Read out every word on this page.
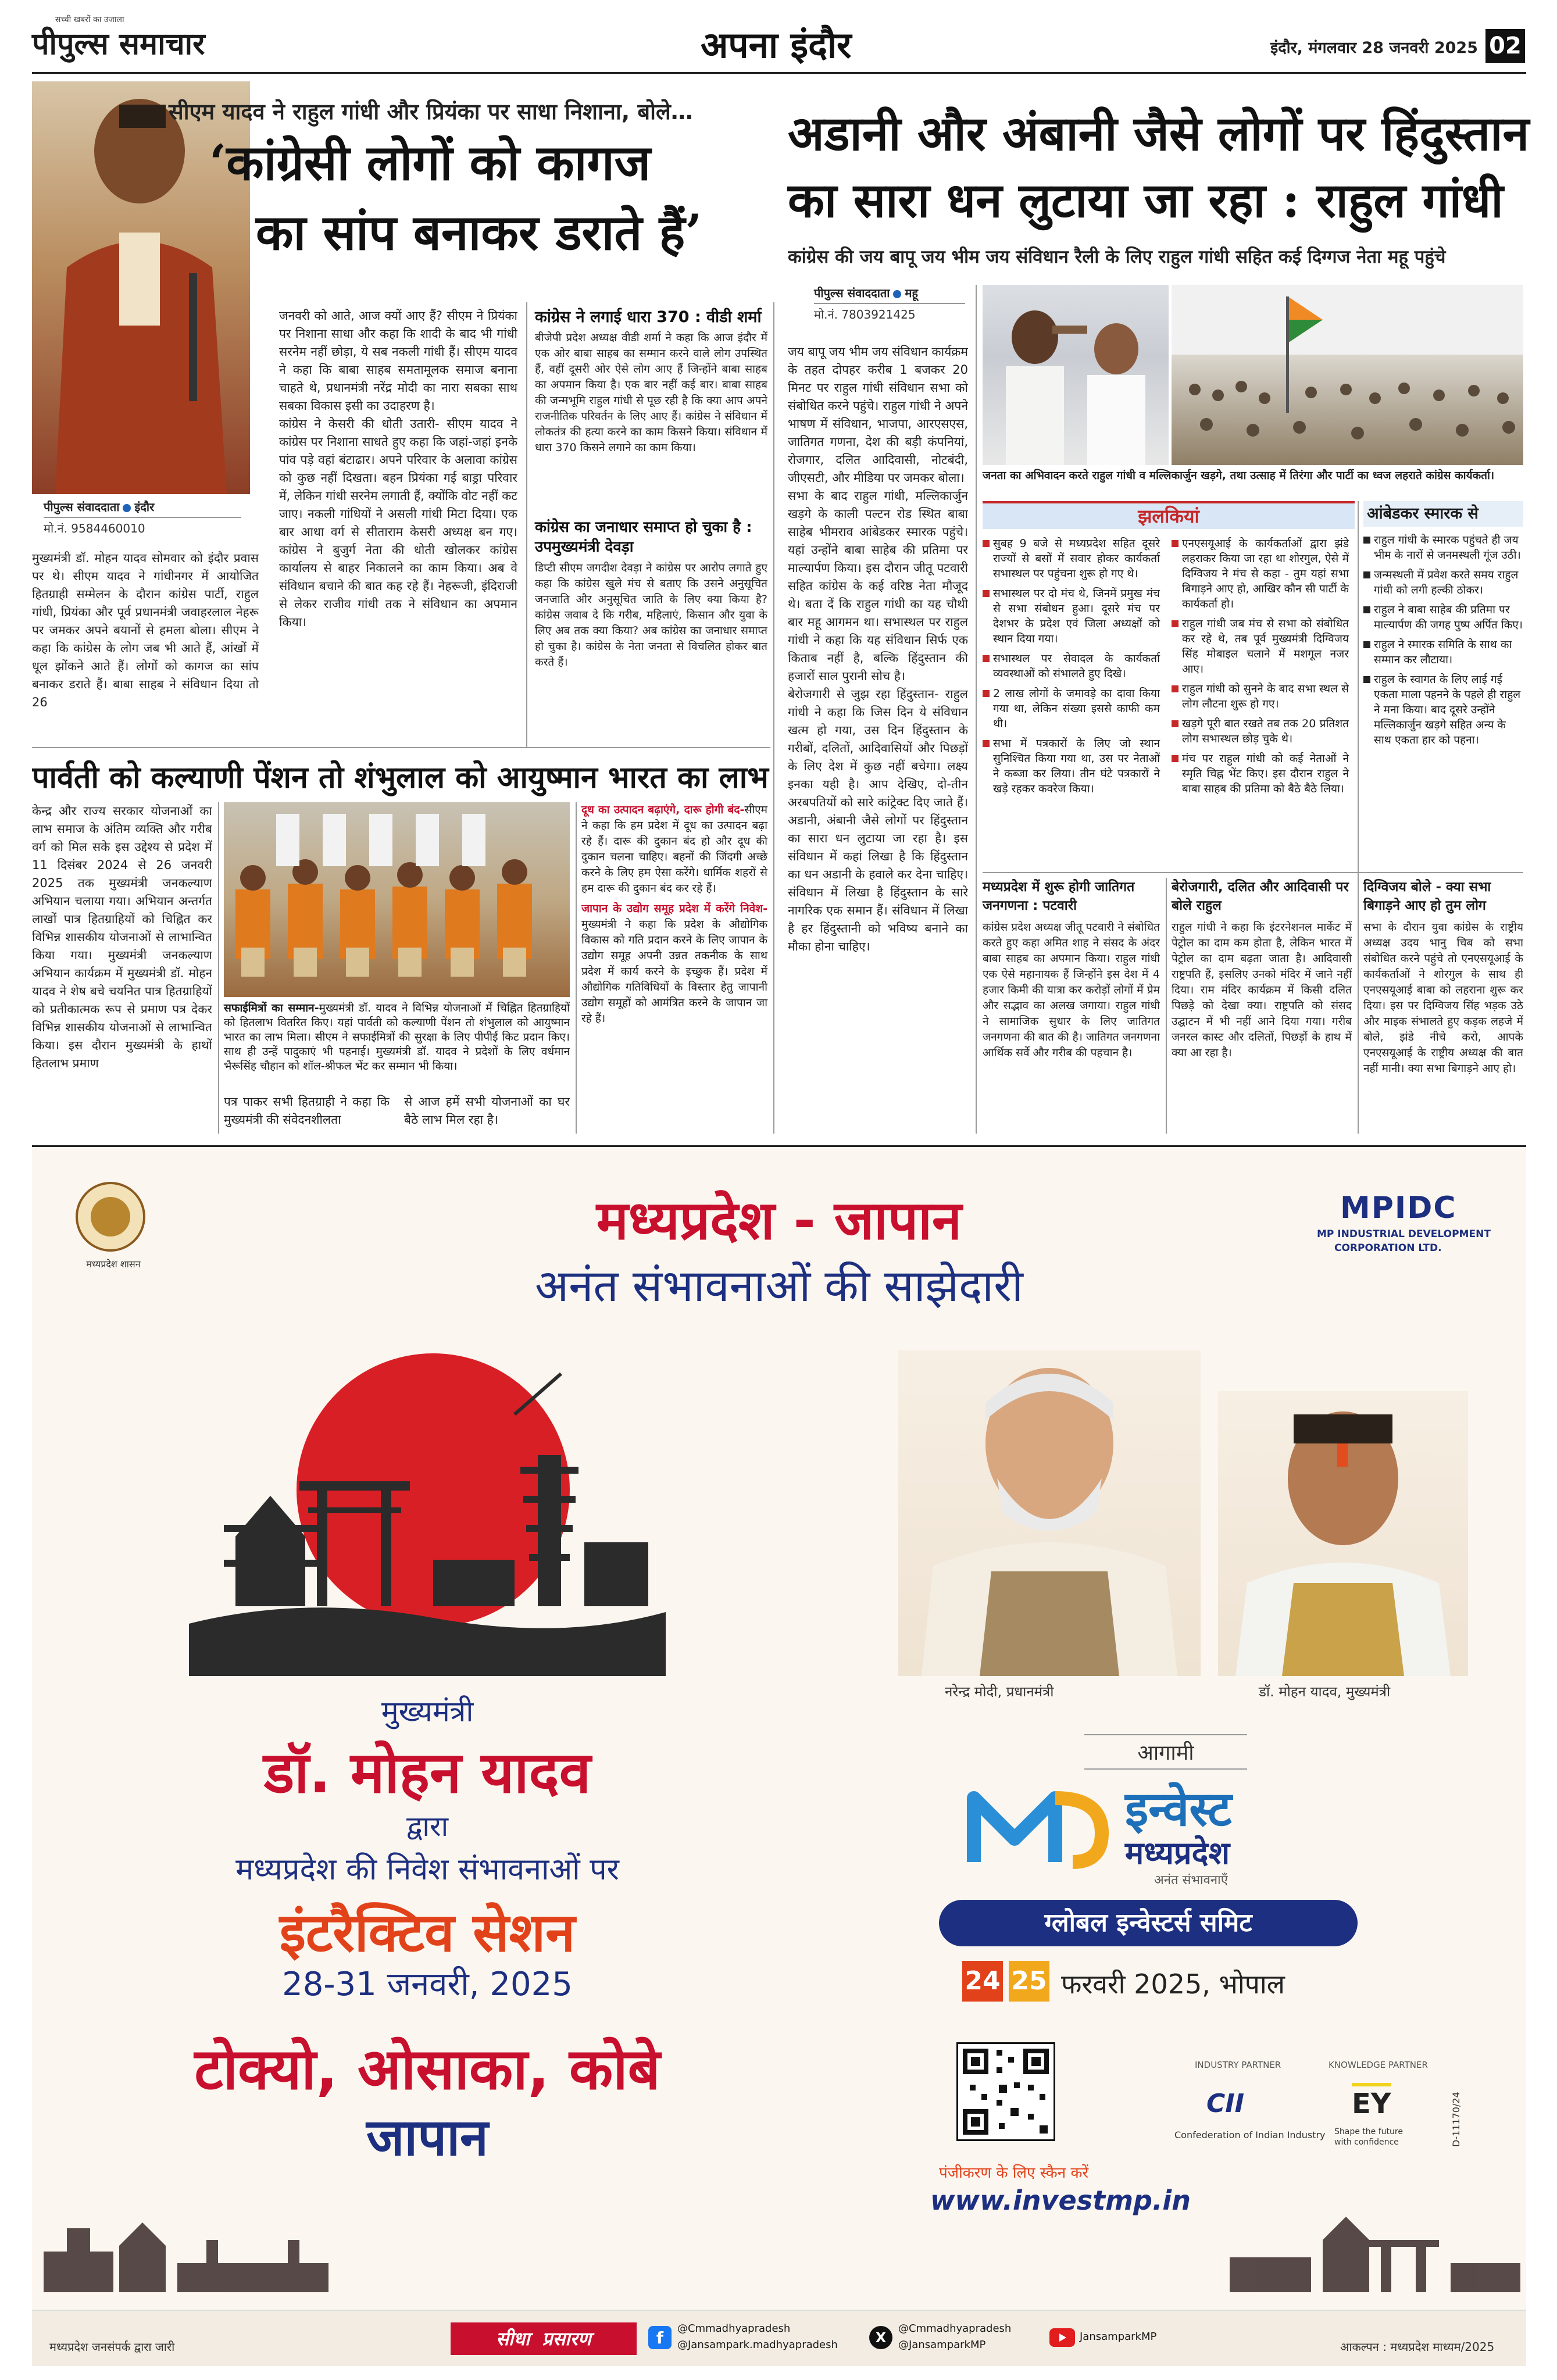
सच्ची खबरों का उजाला
पीपुल्स समाचार	अपना इंदौर	इंदौर, मंगलवार 28 जनवरी 2025 02
पीपुल्स संवाददाता इंदौर
मो.नं. 9584460010
सीएम यादव ने राहुल गांधी और प्रियंका पर साधा निशाना, बोले…
‘कांग्रेसी लोगों को कागज
का सांप बनाकर डराते हैं’
मुख्यमंत्री डॉ. मोहन यादव सोमवार को इंदौर प्रवास पर थे। सीएम यादव ने गांधीनगर में आयोजित हितग्राही सम्मेलन के दौरान कांग्रेस पार्टी, राहुल गांधी, प्रियंका और पूर्व प्रधानमंत्री जवाहरलाल नेहरू पर जमकर अपने बयानों से हमला बोला। सीएम ने कहा कि कांग्रेस के लोग जब भी आते हैं, आंखों में धूल झोंकने आते हैं। लोगों को कागज का सांप बनाकर डराते हैं। बाबा साहब ने संविधान दिया तो 26
जनवरी को आते, आज क्यों आए हैं? सीएम ने प्रियंका पर निशाना साधा और कहा कि शादी के बाद भी गांधी सरनेम नहीं छोड़ा, ये सब नकली गांधी हैं। सीएम यादव ने कहा कि बाबा साहब समतामूलक समाज बनाना चाहते थे, प्रधानमंत्री नरेंद्र मोदी का नारा सबका साथ सबका विकास इसी का उदाहरण है।
कांग्रेस ने केसरी की धोती उतारी- सीएम यादव ने कांग्रेस पर निशाना साधते हुए कहा कि जहां-जहां इनके पांव पड़े वहां बंटाढार। अपने परिवार के अलावा कांग्रेस को कुछ नहीं दिखता। बहन प्रियंका गई बाड्रा परिवार में, लेकिन गांधी सरनेम लगाती हैं, क्योंकि वोट नहीं कट जाए। नकली गांधियों ने असली गांधी मिटा दिया। एक बार आधा वर्ग से सीताराम केसरी अध्यक्ष बन गए। कांग्रेस ने बुजुर्ग नेता की धोती खोलकर कांग्रेस कार्यालय से बाहर निकालने का काम किया। अब वे संविधान बचाने की बात कह रहे हैं। नेहरूजी, इंदिराजी से लेकर राजीव गांधी तक ने संविधान का अपमान किया।
कांग्रेस ने लगाई धारा 370 : वीडी शर्मा
बीजेपी प्रदेश अध्यक्ष वीडी शर्मा ने कहा कि आज इंदौर में एक ओर बाबा साहब का सम्मान करने वाले लोग उपस्थित हैं, वहीं दूसरी ओर ऐसे लोग आए हैं जिन्होंने बाबा साहब का अपमान किया है। एक बार नहीं कई बार। बाबा साहब की जन्मभूमि राहुल गांधी से पूछ रही है कि क्या आप अपने राजनीतिक परिवर्तन के लिए आए हैं। कांग्रेस ने संविधान में लोकतंत्र की हत्या करने का काम किसने किया। संविधान में धारा 370 किसने लगाने का काम किया।
कांग्रेस का जनाधार समाप्त हो चुका है : उपमुख्यमंत्री देवड़ा
डिप्टी सीएम जगदीश देवड़ा ने कांग्रेस पर आरोप लगाते हुए कहा कि कांग्रेस खुले मंच से बताए कि उसने अनुसूचित जनजाति और अनुसूचित जाति के लिए क्या किया है? कांग्रेस जवाब दे कि गरीब, महिलाएं, किसान और युवा के लिए अब तक क्या किया? अब कांग्रेस का जनाधार समाप्त हो चुका है। कांग्रेस के नेता जनता से विचलित होकर बात करते हैं।
अडानी और अंबानी जैसे लोगों पर हिंदुस्तान
का सारा धन लुटाया जा रहा : राहुल गांधी
कांग्रेस की जय बापू जय भीम जय संविधान रैली के लिए राहुल गांधी सहित कई दिग्गज नेता महू पहुंचे
पीपुल्स संवाददाता महू
मो.नं. 7803921425
जय बापू जय भीम जय संविधान कार्यक्रम के तहत दोपहर करीब 1 बजकर 20 मिनट पर राहुल गांधी संविधान सभा को संबोधित करने पहुंचे। राहुल गांधी ने अपने भाषण में संविधान, भाजपा, आरएसएस, जातिगत गणना, देश की बड़ी कंपनियां, रोजगार, दलित आदिवासी, नोटबंदी, जीएसटी, और मीडिया पर जमकर बोला।
सभा के बाद राहुल गांधी, मल्लिकार्जुन खड़गे के काली पल्टन रोड स्थित बाबा साहेब भीमराव आंबेडकर स्मारक पहुंचे। यहां उन्होंने बाबा साहेब की प्रतिमा पर माल्यार्पण किया। इस दौरान जीतू पटवारी सहित कांग्रेस के कई वरिष्ठ नेता मौजूद थे। बता दें कि राहुल गांधी का यह चौथी बार महू आगमन था। सभास्थल पर राहुल गांधी ने कहा कि यह संविधान सिर्फ एक किताब नहीं है, बल्कि हिंदुस्तान की हजारों साल पुरानी सोच है।
बेरोजगारी से जुझ रहा हिंदुस्तान- राहुल गांधी ने कहा कि जिस दिन ये संविधान खत्म हो गया, उस दिन हिंदुस्तान के गरीबों, दलितों, आदिवासियों और पिछड़ों के लिए देश में कुछ नहीं बचेगा। लक्ष्य इनका यही है। आप देखिए, दो-तीन अरबपतियों को सारे कांट्रेक्ट दिए जाते हैं। अडानी, अंबानी जैसे लोगों पर हिंदुस्तान का सारा धन लुटाया जा रहा है। इस संविधान में कहां लिखा है कि हिंदुस्तान का धन अडानी के हवाले कर देना चाहिए। संविधान में लिखा है हिंदुस्तान के सारे नागरिक एक समान हैं। संविधान में लिखा है हर हिंदुस्तानी को भविष्य बनाने का मौका होना चाहिए।
जनता का अभिवादन करते राहुल गांधी व मल्लिकार्जुन खड़गे, तथा उत्साह में तिरंगा और पार्टी का ध्वज लहराते कांग्रेस कार्यकर्ता।
झलकियां
सुबह 9 बजे से मध्यप्रदेश सहित दूसरे राज्यों से बसों में सवार होकर कार्यकर्ता सभास्थल पर पहुंचना शुरू हो गए थे।
सभास्थल पर दो मंच थे, जिनमें प्रमुख मंच से सभा संबोधन हुआ। दूसरे मंच पर देशभर के प्रदेश एवं जिला अध्यक्षों को स्थान दिया गया।
सभास्थल पर सेवादल के कार्यकर्ता व्यवस्थाओं को संभालते हुए दिखे।
2 लाख लोगों के जमावड़े का दावा किया गया था, लेकिन संख्या इससे काफी कम थी।
सभा में पत्रकारों के लिए जो स्थान सुनिश्चित किया गया था, उस पर नेताओं ने कब्जा कर लिया। तीन घंटे पत्रकारों ने खड़े रहकर कवरेज किया।
एनएसयूआई के कार्यकर्ताओं द्वारा झंडे लहराकर किया जा रहा था शोरगुल, ऐसे में दिग्विजय ने मंच से कहा - तुम यहां सभा बिगाड़ने आए हो, आखिर कौन सी पार्टी के कार्यकर्ता हो।
राहुल गांधी जब मंच से सभा को संबोधित कर रहे थे, तब पूर्व मुख्यमंत्री दिग्विजय सिंह मोबाइल चलाने में मशगूल नजर आए।
राहुल गांधी को सुनने के बाद सभा स्थल से लोग लौटना शुरू हो गए।
खड़गे पूरी बात रखते तब तक 20 प्रतिशत लोग सभास्थल छोड़ चुके थे।
मंच पर राहुल गांधी को कई नेताओं ने स्मृति चिह्न भेंट किए। इस दौरान राहुल ने बाबा साहब की प्रतिमा को बैठे बैठे लिया।
आंबेडकर स्मारक से
राहुल गांधी के स्मारक पहुंचते ही जय भीम के नारों से जनमस्थली गूंज उठी।
जन्मस्थली में प्रवेश करते समय राहुल गांधी को लगी हल्की ठोकर।
राहुल ने बाबा साहेब की प्रतिमा पर माल्यार्पण की जगह पुष्प अर्पित किए।
राहुल ने स्मारक समिति के साथ का सम्मान कर लौटाया।
राहुल के स्वागत के लिए लाई गई एकता माला पहनने के पहले ही राहुल ने मना किया। बाद दूसरे उन्होंने मल्लिकार्जुन खड़गे सहित अन्य के साथ एकता हार को पहना।
मध्यप्रदेश में शुरू होगी जातिगत जनगणना : पटवारी
कांग्रेस प्रदेश अध्यक्ष जीतू पटवारी ने संबोधित करते हुए कहा अमित शाह ने संसद के अंदर बाबा साहब का अपमान किया। राहुल गांधी एक ऐसे महानायक हैं जिन्होंने इस देश में 4 हजार किमी की यात्रा कर करोड़ों लोगों में प्रेम और सद्भाव का अलख जगाया। राहुल गांधी ने सामाजिक सुधार के लिए जातिगत जनगणना की बात की है। जातिगत जनगणना आर्थिक सर्वे और गरीब की पहचान है।
बेरोजगारी, दलित और आदिवासी पर बोले राहुल
राहुल गांधी ने कहा कि इंटरनेशनल मार्केट में पेट्रोल का दाम कम होता है, लेकिन भारत में पेट्रोल का दाम बढ़ता जाता है। आदिवासी राष्ट्रपति हैं, इसलिए उनको मंदिर में जाने नहीं दिया। राम मंदिर कार्यक्रम में किसी दलित पिछड़े को देखा क्या। राष्ट्रपति को संसद उद्घाटन में भी नहीं आने दिया गया। गरीब जनरल कास्ट और दलितों, पिछड़ों के हाथ में क्या आ रहा है।
दिग्विजय बोले - क्या सभा बिगाड़ने आए हो तुम लोग
सभा के दौरान युवा कांग्रेस के राष्ट्रीय अध्यक्ष उदय भानु चिब को सभा संबोधित करने पहुंचे तो एनएसयूआई के कार्यकर्ताओं ने शोरगुल के साथ ही एनएसयूआई बाबा को लहराना शुरू कर दिया। इस पर दिग्विजय सिंह भड़क उठे और माइक संभालते हुए कड़क लहजे में बोले, झंडे नीचे करो, आपके एनएसयूआई के राष्ट्रीय अध्यक्ष की बात नहीं मानी। क्या सभा बिगाड़ने आए हो।
पार्वती को कल्याणी पेंशन तो शंभुलाल को आयुष्मान भारत का लाभ
केन्द्र और राज्य सरकार योजनाओं का लाभ समाज के अंतिम व्यक्ति और गरीब वर्ग को मिल सके इस उद्देश्य से प्रदेश में 11 दिसंबर 2024 से 26 जनवरी 2025 तक मुख्यमंत्री जनकल्याण अभियान चलाया गया। अभियान अन्तर्गत लाखों पात्र हितग्राहियों को चिह्नित कर विभिन्न शासकीय योजनाओं से लाभान्वित किया गया। मुख्यमंत्री जनकल्याण अभियान कार्यक्रम में मुख्यमंत्री डॉ. मोहन यादव ने शेष बचे चयनित पात्र हितग्राहियों को प्रतीकात्मक रूप से प्रमाण पत्र देकर विभिन्न शासकीय योजनाओं से लाभान्वित किया। इस दौरान मुख्यमंत्री के हाथों हितलाभ प्रमाण
सफाईमित्रों का सम्मान-मुख्यमंत्री डॉ. यादव ने विभिन्न योजनाओं में चिह्नित हितग्राहियों को हितलाभ वितरित किए। यहां पार्वती को कल्याणी पेंशन तो शंभुलाल को आयुष्मान भारत का लाभ मिला। सीएम ने सफाईमित्रों की सुरक्षा के लिए पीपीई किट प्रदान किए। साथ ही उन्हें पादुकाएं भी पहनाई। मुख्यमंत्री डॉ. यादव ने प्रदेशों के लिए वर्धमान भैरूसिंह चौहान को शॉल-श्रीफल भेंट कर सम्मान भी किया।
पत्र पाकर सभी हितग्राही ने कहा कि मुख्यमंत्री की संवेदनशीलता
से आज हमें सभी योजनाओं का घर बैठे लाभ मिल रहा है।
दूध का उत्पादन बढ़ाएंगे, दारू होगी बंद-सीएम ने कहा कि हम प्रदेश में दूध का उत्पादन बढ़ा रहे हैं। दारू की दुकान बंद हो और दूध की दुकान चलना चाहिए। बहनों की जिंदगी अच्छे करने के लिए हम ऐसा करेंगे। धार्मिक शहरों से हम दारू की दुकान बंद कर रहे हैं।
जापान के उद्योग समूह प्रदेश में करेंगे निवेश-मुख्यमंत्री ने कहा कि प्रदेश के औद्योगिक विकास को गति प्रदान करने के लिए जापान के उद्योग समूह अपनी उन्नत तकनीक के साथ प्रदेश में कार्य करने के इच्छुक हैं। प्रदेश में औद्योगिक गतिविधियों के विस्तार हेतु जापानी उद्योग समूहों को आमंत्रित करने के जापान जा रहे हैं।
मध्यप्रदेश शासन
मध्यप्रदेश - जापान
अनंत संभावनाओं की साझेदारी
MPIDC
MP INDUSTRIAL DEVELOPMENT
CORPORATION LTD.
नरेन्द्र मोदी, प्रधानमंत्री	डॉ. मोहन यादव, मुख्यमंत्री
मुख्यमंत्री
डॉ. मोहन यादव
द्वारा
मध्यप्रदेश की निवेश संभावनाओं पर
इंटरैक्टिव सेशन
28-31 जनवरी, 2025
टोक्यो, ओसाका, कोबे
जापान
आगामी
इन्वेस्ट
मध्यप्रदेश
अनंत संभावनाएँ
ग्लोबल इन्वेस्टर्स समिट
24 25 फरवरी 2025, भोपाल
पंजीकरण के लिए स्कैन करें
www.investmp.in
INDUSTRY PARTNER	KNOWLEDGE PARTNER
CII
Confederation of Indian Industry
EY
Shape the future with confidence	D-11170/24
मध्यप्रदेश जनसंपर्क द्वारा जारी	सीधा प्रसारण	f	@Cmmadhyapradesh
@Jansampark.madhyapradesh	X
@Cmmadhyapradesh
@JansamparkMP
JansamparkMP
आकल्पन : मध्यप्रदेश माध्यम/2025
